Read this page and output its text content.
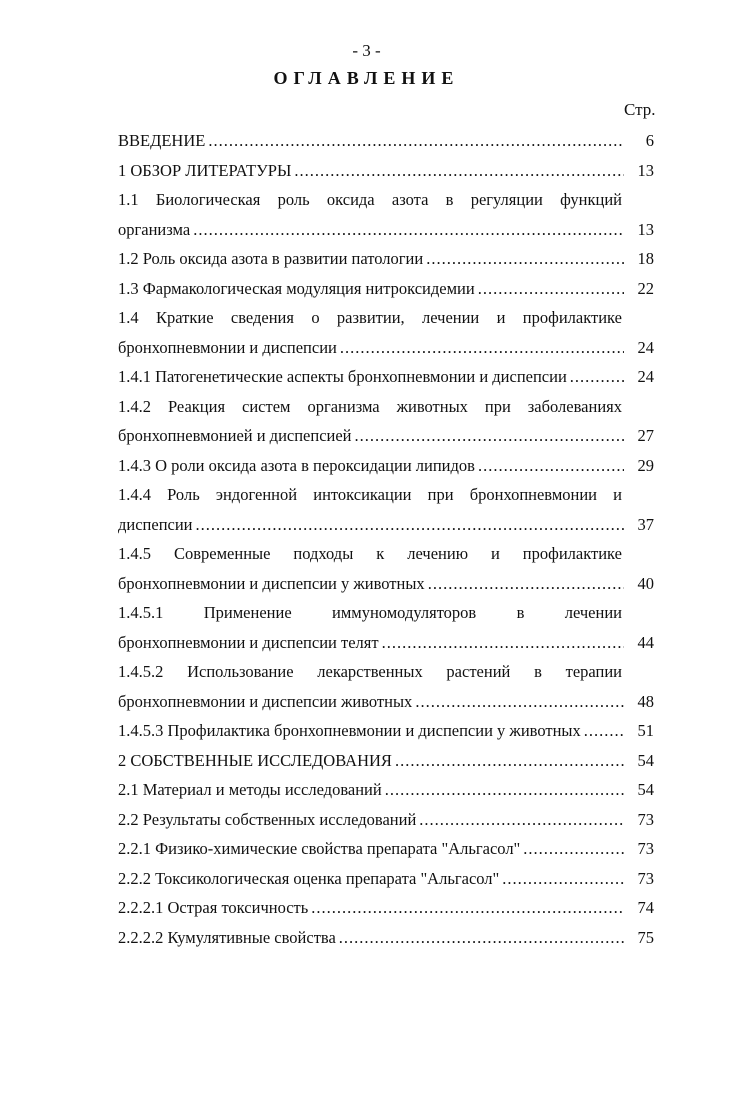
- 3 -
ОГЛАВЛЕНИЕ
Стр.
ВВЕДЕНИЕ .....	6
1 ОБЗОР ЛИТЕРАТУРЫ .....	13
1.1 Биологическая роль оксида азота в регуляции функций
организма .....	13
1.2 Роль оксида азота в развитии патологии .....	18
1.3 Фармакологическая модуляция нитроксидемии .....	22
1.4 Краткие сведения о развитии, лечении и профилактике
бронхопневмонии и диспепсии .....	24
1.4.1 Патогенетические аспекты бронхопневмонии и диспепсии .....	24
1.4.2 Реакция систем организма животных при заболеваниях
бронхопневмонией и диспепсией .....	27
1.4.3 О роли оксида азота в пероксидации липидов .....	29
1.4.4 Роль эндогенной интоксикации при бронхопневмонии и
диспепсии .....	37
1.4.5 Современные подходы к лечению и профилактике
бронхопневмонии и диспепсии у животных .....	40
1.4.5.1 Применение иммуномодуляторов в лечении
бронхопневмонии и диспепсии телят .....	44
1.4.5.2 Использование лекарственных растений в терапии
бронхопневмонии и диспепсии животных .....	48
1.4.5.3 Профилактика бронхопневмонии и диспепсии у животных .....	51
2 СОБСТВЕННЫЕ ИССЛЕДОВАНИЯ .....	54
2.1 Материал и методы исследований .....	54
2.2 Результаты собственных исследований .....	73
2.2.1 Физико-химические свойства препарата "Альгасол" .....	73
2.2.2 Токсикологическая оценка препарата "Альгасол" .....	73
2.2.2.1 Острая токсичность .....	74
2.2.2.2 Кумулятивные свойства .....	75
